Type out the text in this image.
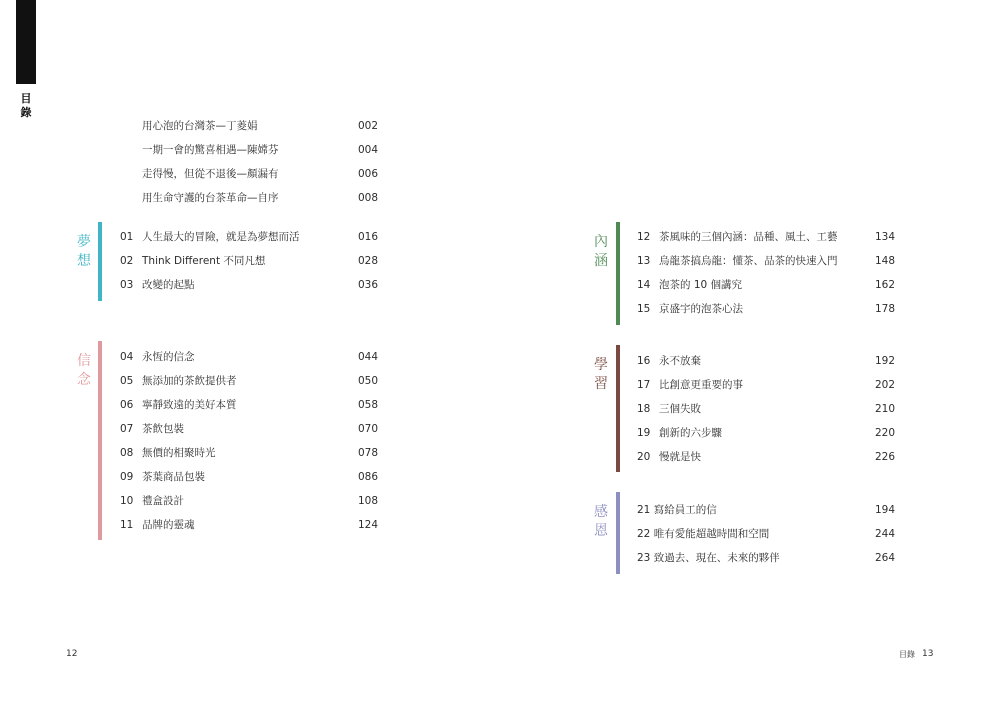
目錄
用心泡的台灣茶—丁菱娟	002
一期一會的驚喜相遇—陳嫦芬	004
走得慢，但從不退後—顏漏有	006
用生命守護的台茶革命—自序	008
夢想
01 人生最大的冒險，就是為夢想而活	016
02 Think Different 不同凡想	028
03 改變的起點	036
信念
04 永恆的信念	044
05 無添加的茶飲提供者	050
06 寧靜致遠的美好本質	058
07 茶飲包裝	070
08 無價的相聚時光	078
09 茶葉商品包裝	086
10 禮盒設計	108
11 品牌的靈魂	124
12
內涵
12 茶風味的三個內涵：品種、風土、工藝	134
13 烏龍茶搞烏龍：懂茶、品茶的快速入門	148
14 泡茶的 10 個講究	162
15 京盛宇的泡茶心法	178
學習
16 永不放棄	192
17 比創意更重要的事	202
18 三個失敗	210
19 創新的六步驟	220
20 慢就是快	226
感恩
21 寫給員工的信	194
22 唯有愛能超越時間和空間	244
23 致過去、現在、未來的夥伴	264
目錄 13
